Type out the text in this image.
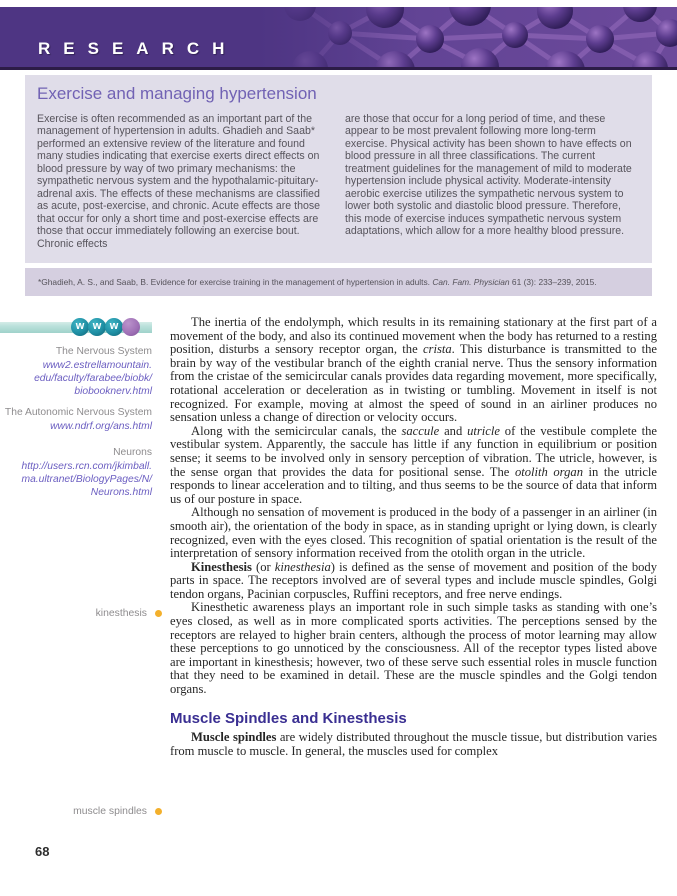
RESEARCH
Exercise and managing hypertension

Exercise is often recommended as an important part of the management of hypertension in adults. Ghadieh and Saab* performed an extensive review of the literature and found many studies indicating that exercise exerts direct effects on blood pressure by way of two primary mechanisms: the sympathetic nervous system and the hypothalamic-pituitary-adrenal axis. The effects of these mechanisms are classified as acute, post-exercise, and chronic. Acute effects are those that occur for only a short time and post-exercise effects are those that occur immediately following an exercise bout. Chronic effects

are those that occur for a long period of time, and these appear to be most prevalent following more long-term exercise. Physical activity has been shown to have effects on blood pressure in all three classifications. The current treatment guidelines for the management of mild to moderate hypertension include physical activity. Moderate-intensity aerobic exercise utilizes the sympathetic nervous system to lower both systolic and diastolic blood pressure. Therefore, this mode of exercise induces sympathetic nervous system adaptations, which allow for a more healthy blood pressure.

*Ghadieh, A. S., and Saab, B. Evidence for exercise training in the management of hypertension in adults. Can. Fam. Physician 61 (3): 233–239, 2015.
w w w
The Nervous System
www2.estrellamountain.
edu/faculty/farabee/biobk/
biobooknerv.html
The Autonomic Nervous System
www.ndrf.org/ans.html
Neurons
http://users.rcn.com/jkimball.
ma.ultranet/BiologyPages/N/
Neurons.html
kinesthesis
muscle spindles

The inertia of the endolymph, which results in its remaining stationary at the first part of a movement of the body, and also its continued movement when the body has returned to a resting position, disturbs a sensory receptor organ, the crista. This disturbance is transmitted to the brain by way of the vestibular branch of the eighth cranial nerve. Thus the sensory information from the cristae of the semicircular canals provides data regarding movement, more specifically, rotational acceleration or deceleration as in twisting or tumbling. Movement in itself is not recognized. For example, moving at almost the speed of sound in an airliner produces no sensation unless a change of direction or velocity occurs.

Along with the semicircular canals, the saccule and utricle of the vestibule complete the vestibular system. Apparently, the saccule has little if any function in equilibrium or position sense; it seems to be involved only in sensory perception of vibration. The utricle, however, is the sense organ that provides the data for positional sense. The otolith organ in the utricle responds to linear acceleration and to tilting, and thus seems to be the source of data that inform us of our posture in space.

Although no sensation of movement is produced in the body of a passenger in an airliner (in smooth air), the orientation of the body in space, as in standing upright or lying down, is clearly recognized, even with the eyes closed. This recognition of spatial orientation is the result of the interpretation of sensory information received from the otolith organ in the utricle.

Kinesthesis (or kinesthesia) is defined as the sense of movement and position of the body parts in space. The receptors involved are of several types and include muscle spindles, Golgi tendon organs, Pacinian corpuscles, Ruffini receptors, and free nerve endings.

Kinesthetic awareness plays an important role in such simple tasks as standing with one’s eyes closed, as well as in more complicated sports activities. The perceptions sensed by the receptors are relayed to higher brain centers, although the process of motor learning may allow these perceptions to go unnoticed by the consciousness. All of the receptor types listed above are important in kinesthesis; however, two of these serve such essential roles in muscle function that they need to be examined in detail. These are the muscle spindles and the Golgi tendon organs.

Muscle Spindles and Kinesthesis

Muscle spindles are widely distributed throughout the muscle tissue, but distribution varies from muscle to muscle. In general, the muscles used for complex

68
